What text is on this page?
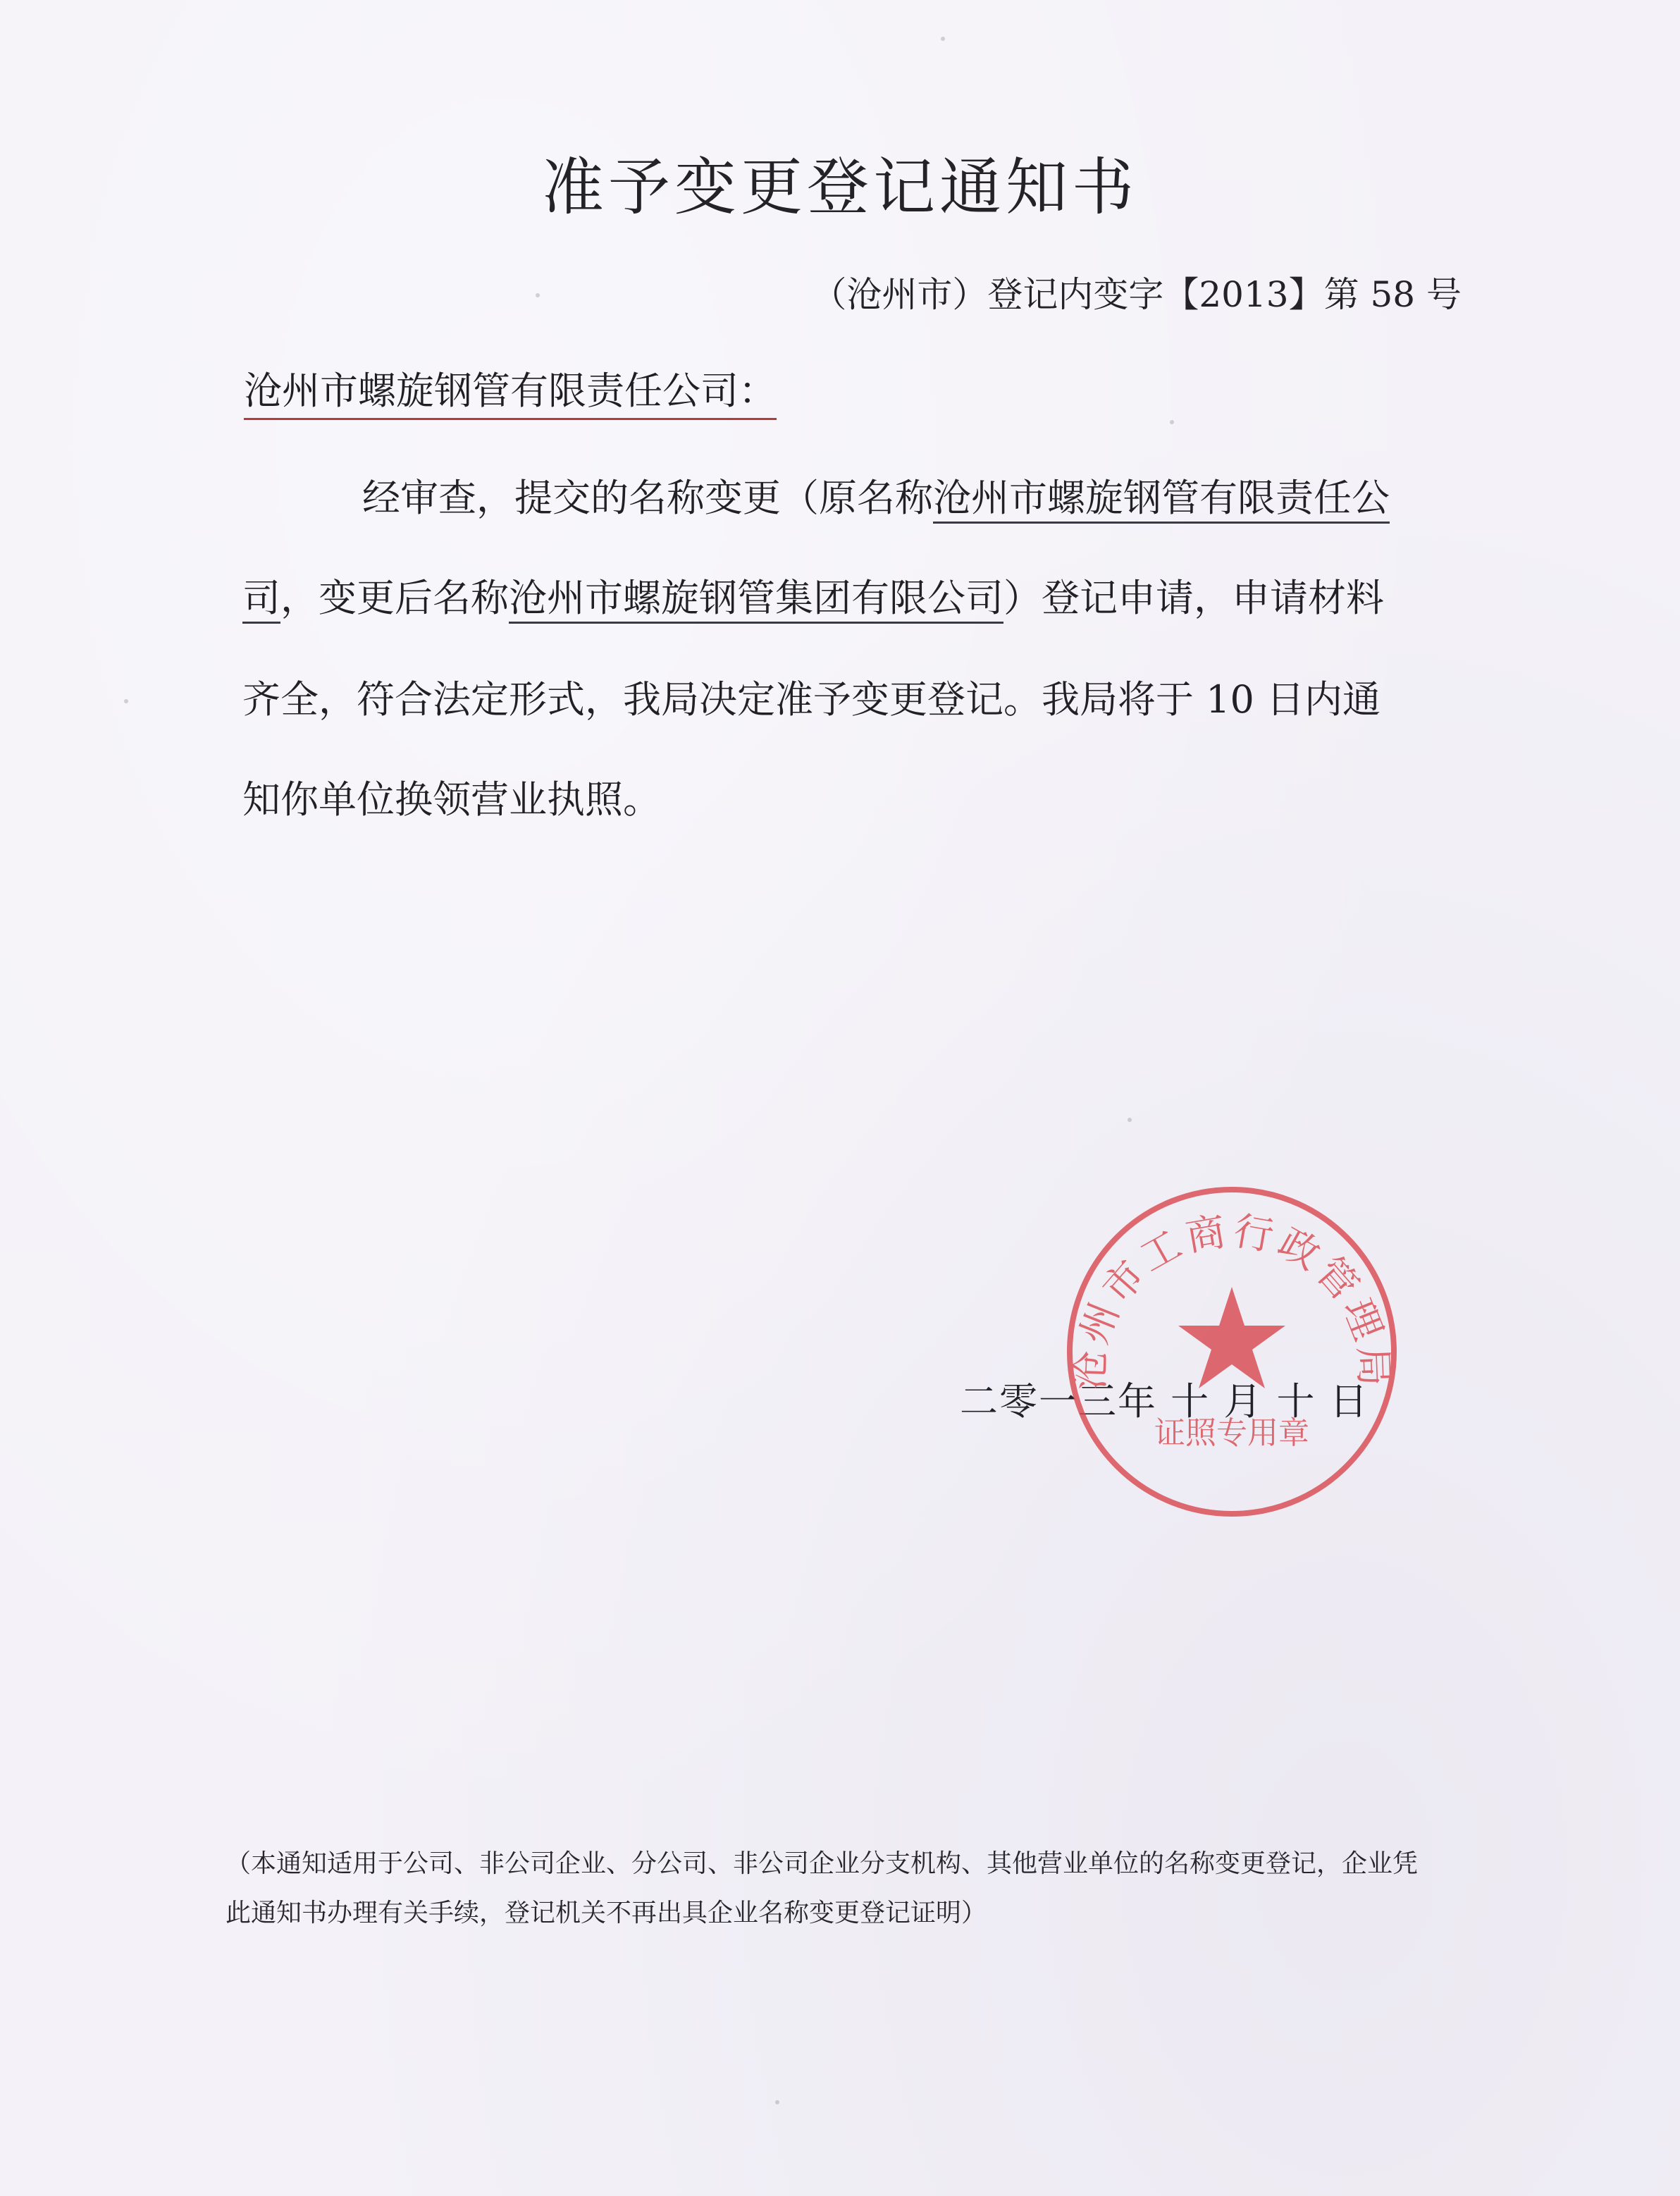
准予变更登记通知书
（沧州市）登记内变字【2013】第 58 号
沧州市螺旋钢管有限责任公司：
经审查，提交的名称变更（原名称沧州市螺旋钢管有限责任公
司，变更后名称沧州市螺旋钢管集团有限公司）登记申请，申请材料
齐全，符合法定形式，我局决定准予变更登记。我局将于 10 日内通
知你单位换领营业执照。
二零一三年 十 月 十 日
沧州市工商行政管理局
证照专用章
（本通知适用于公司、非公司企业、分公司、非公司企业分支机构、其他营业单位的名称变更登记，企业凭
此通知书办理有关手续，登记机关不再出具企业名称变更登记证明）
